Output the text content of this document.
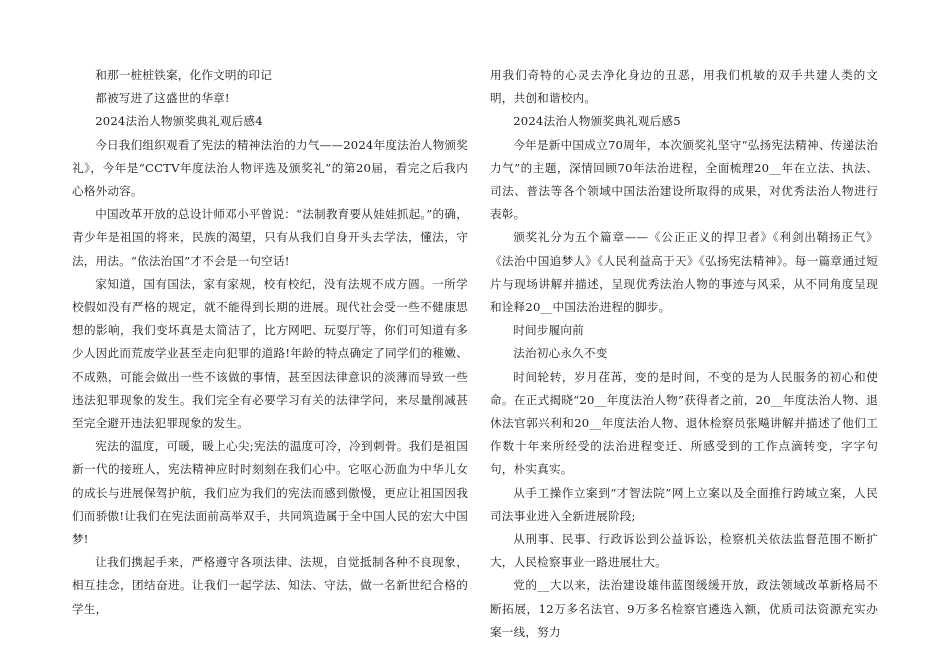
和那一桩桩铁案，化作文明的印记

都被写进了这盛世的华章!

2024法治人物颁奖典礼观后感4

今日我们组织观看了宪法的精神法治的力气——2024年度法治人物颁奖礼》，今年是“CCTV年度法治人物评选及颁奖礼”的第20届，看完之后我内心格外动容。

中国改革开放的总设计师邓小平曾说：“法制教育要从娃娃抓起。”的确，青少年是祖国的将来，民族的渴望，只有从我们自身开头去学法，懂法，守法，用法。“依法治国”才不会是一句空话!

家知道，国有国法，家有家规，校有校纪，没有法规不成方圆。一所学校假如没有严格的规定，就不能得到长期的进展。现代社会受一些不健康思想的影响，我们变坏真是太简洁了，比方网吧、玩耍厅等，你们可知道有多少人因此而荒废学业甚至走向犯罪的道路!年龄的特点确定了同学们的稚嫩、不成熟，可能会做出一些不该做的事情，甚至因法律意识的淡薄而导致一些违法犯罪现象的发生。我们完全有必要学习有关的法律学问，来尽量削减甚至完全避开违法犯罪现象的发生。

宪法的温度，可暖，暖上心尖;宪法的温度可冷，冷到刺骨。我们是祖国新一代的接班人，宪法精神应时时刻刻在我们心中。它呕心沥血为中华儿女的成长与进展保驾护航，我们应为我们的宪法而感到傲慢，更应让祖国因我们而骄傲!让我们在宪法面前高举双手，共同筑造属于全中国人民的宏大中国梦!

让我们携起手来，严格遵守各项法律、法规，自觉抵制各种不良现象，相互挂念，团结奋进。让我们一起学法、知法、守法，做一名新世纪合格的学生，

用我们奇特的心灵去净化身边的丑恶，用我们机敏的双手共建人类的文明，共创和谐校内。

2024法治人物颁奖典礼观后感5

今年是新中国成立70周年，本次颁奖礼坚守“弘扬宪法精神、传递法治力气”的主题，深情回顾70年法治进程，全面梳理20__年在立法、执法、司法、普法等各个领域中国法治建设所取得的成果，对优秀法治人物进行表彰。

颁奖礼分为五个篇章——《公正正义的捍卫者》《利剑出鞘扬正气》《法治中国追梦人》《人民利益高于天》《弘扬宪法精神》。每一篇章通过短片与现场讲解并描述，呈现优秀法治人物的事迹与风采，从不同角度呈现和诠释20__中国法治进程的脚步。

时间步履向前

法治初心永久不变

时间轮转，岁月荏苒，变的是时间，不变的是为人民服务的初心和使命。在正式揭晓“20__年度法治人物”获得者之前，20__年度法治人物、退休法官郭兴利和20__年度法治人物、退休检察员张飚讲解并描述了他们工作数十年来所经受的法治进程变迁、所感受到的工作点滴转变，字字句句，朴实真实。

从手工操作立案到“才智法院”网上立案以及全面推行跨域立案，人民司法事业进入全新进展阶段;

从刑事、民事、行政诉讼到公益诉讼，检察机关依法监督范围不断扩大，人民检察事业一路进展壮大。

党的__大以来，法治建设雄伟蓝图缓缓开放，政法领域改革新格局不断拓展，12万多名法官、9万多名检察官遴选入额，优质司法资源充实办案一线，努力
